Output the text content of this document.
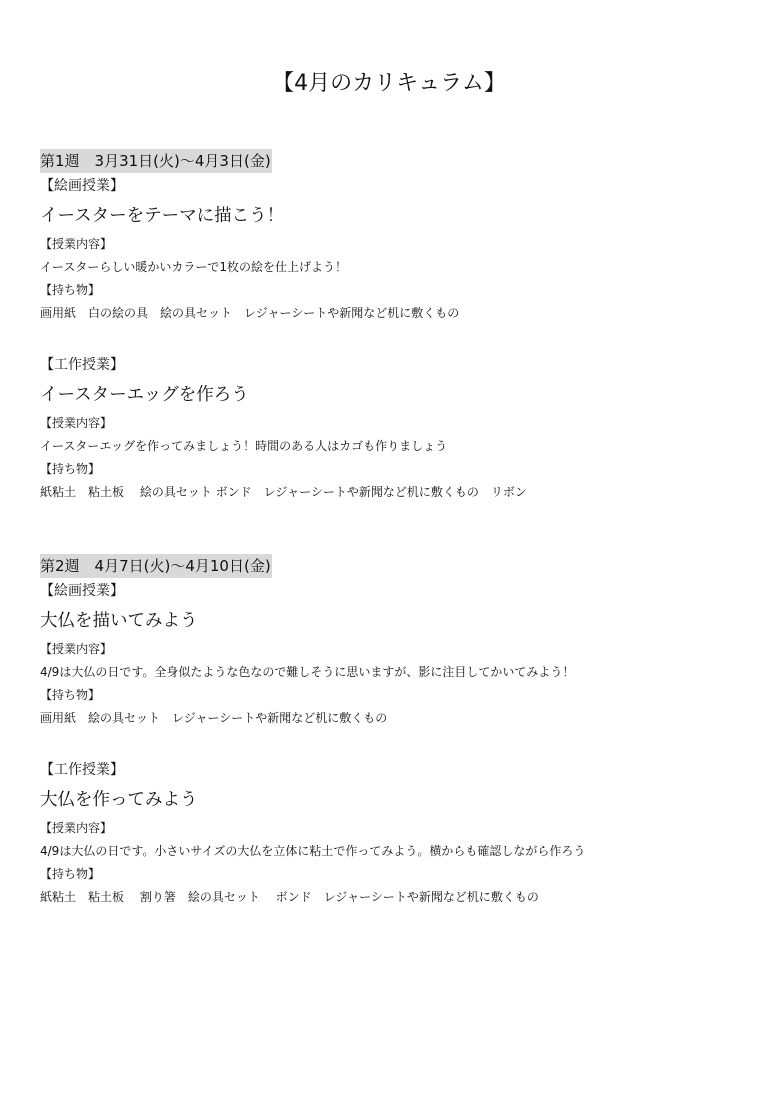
【4月のカリキュラム】
第1週　3月31日(火)〜4月3日(金)

【絵画授業】

イースターをテーマに描こう！

【授業内容】

イースターらしい暖かいカラーで1枚の絵を仕上げよう！

【持ち物】

画用紙　白の絵の具　絵の具セット　レジャーシートや新聞など机に敷くもの

【工作授業】

イースターエッグを作ろう

【授業内容】

イースターエッグを作ってみましょう！時間のある人はカゴも作りましょう

【持ち物】

紙粘土　粘土板　 絵の具セット ボンド　レジャーシートや新聞など机に敷くもの　リボン

第2週　4月7日(火)〜4月10日(金)

【絵画授業】

大仏を描いてみよう

【授業内容】

4/9は大仏の日です。全身似たような色なので難しそうに思いますが、影に注目してかいてみよう！

【持ち物】

画用紙　絵の具セット　レジャーシートや新聞など机に敷くもの

【工作授業】

大仏を作ってみよう

【授業内容】

4/9は大仏の日です。小さいサイズの大仏を立体に粘土で作ってみよう。横からも確認しながら作ろう

【持ち物】

紙粘土　粘土板　 割り箸　絵の具セット　 ボンド　レジャーシートや新聞など机に敷くもの
